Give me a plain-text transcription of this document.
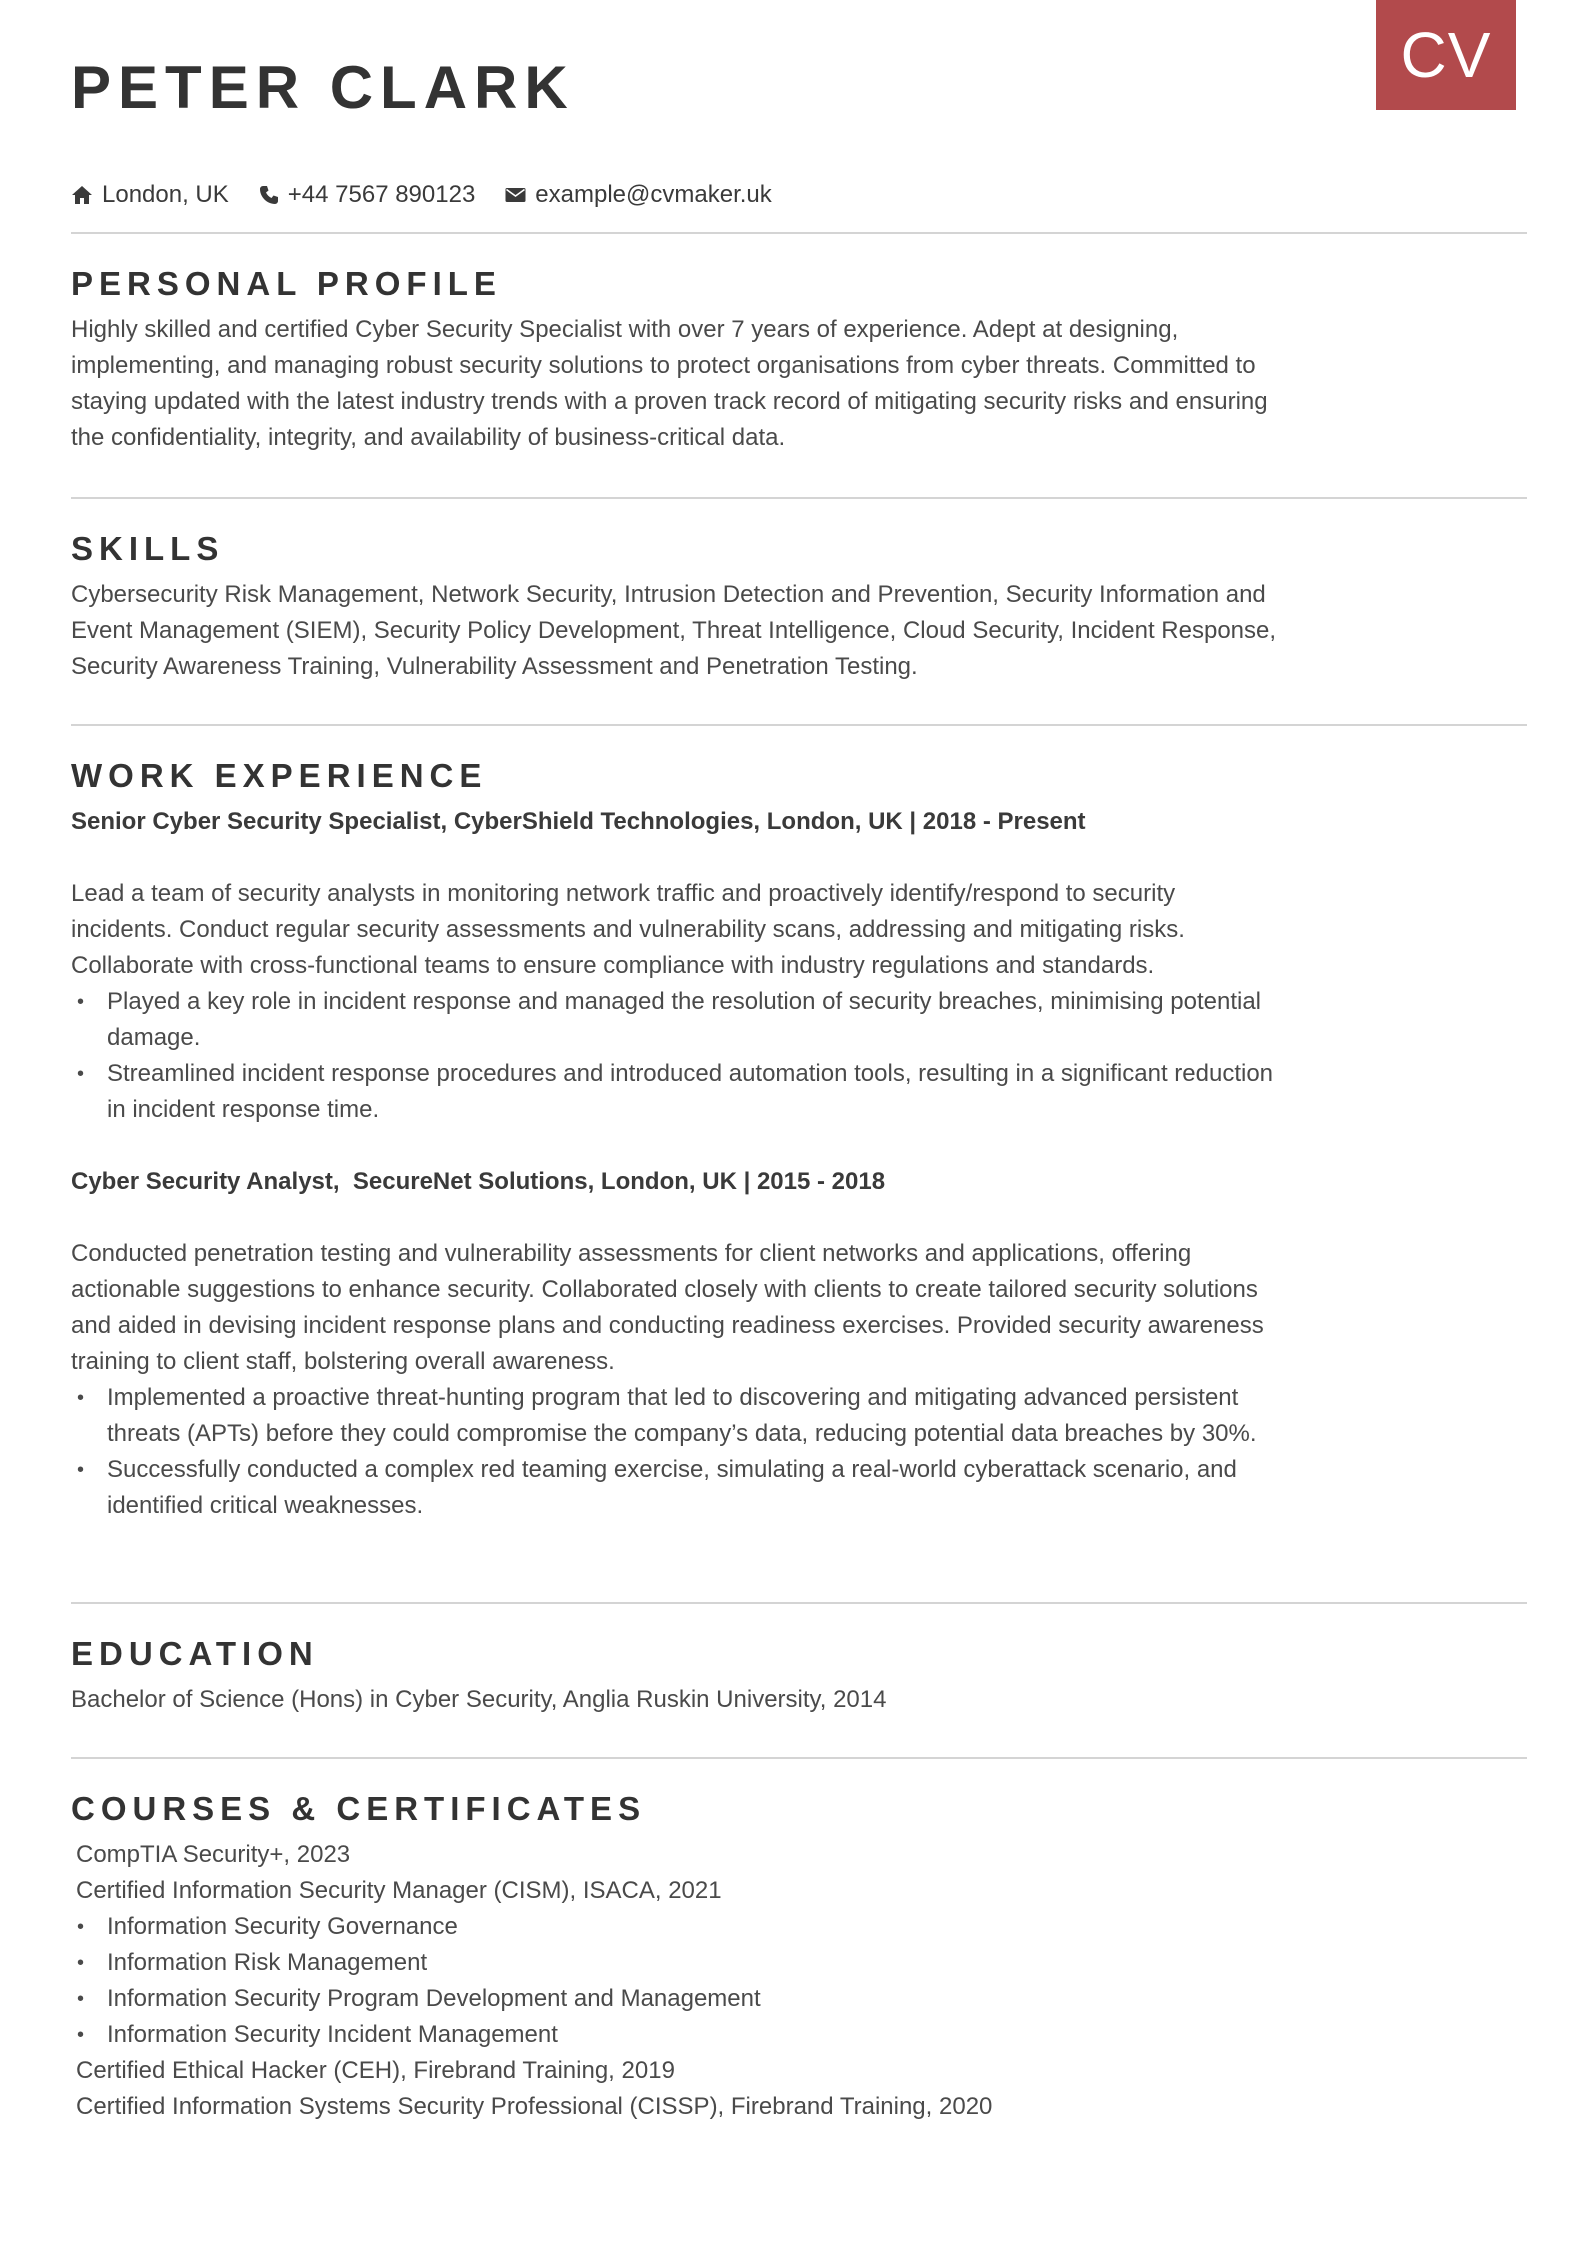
CV
PETER CLARK
London, UK +44 7567 890123	example@cvmaker.uk
PERSONAL PROFILE

Highly skilled and certified Cyber Security Specialist with over 7 years of experience. Adept at designing, implementing, and managing robust security solutions to protect organisations from cyber threats. Committed to staying updated with the latest industry trends with a proven track record of mitigating security risks and ensuring the confidentiality, integrity, and availability of business-critical data.

SKILLS

Cybersecurity Risk Management, Network Security, Intrusion Detection and Prevention, Security Information and Event Management (SIEM), Security Policy Development, Threat Intelligence, Cloud Security, Incident Response, Security Awareness Training, Vulnerability Assessment and Penetration Testing.

WORK EXPERIENCE

Senior Cyber Security Specialist, CyberShield Technologies, London, UK | 2018 - Present

Lead a team of security analysts in monitoring network traffic and proactively identify/respond to security incidents. Conduct regular security assessments and vulnerability scans, addressing and mitigating risks. Collaborate with cross-functional teams to ensure compliance with industry regulations and standards.

• Played a key role in incident response and managed the resolution of security breaches, minimising potential damage.
• Streamlined incident response procedures and introduced automation tools, resulting in a significant reduction in incident response time.

Cyber Security Analyst,  SecureNet Solutions, London, UK | 2015 - 2018

Conducted penetration testing and vulnerability assessments for client networks and applications, offering actionable suggestions to enhance security. Collaborated closely with clients to create tailored security solutions and aided in devising incident response plans and conducting readiness exercises. Provided security awareness training to client staff, bolstering overall awareness.

• Implemented a proactive threat-hunting program that led to discovering and mitigating advanced persistent threats (APTs) before they could compromise the company’s data, reducing potential data breaches by 30%.
• Successfully conducted a complex red teaming exercise, simulating a real-world cyberattack scenario, and identified critical weaknesses.
EDUCATION

Bachelor of Science (Hons) in Cyber Security, Anglia Ruskin University, 2014

COURSES & CERTIFICATES

CompTIA Security+, 2023

Certified Information Security Manager (CISM), ISACA, 2021

• Information Security Governance
• Information Risk Management
• Information Security Program Development and Management
• Information Security Incident Management

Certified Ethical Hacker (CEH), Firebrand Training, 2019

Certified Information Systems Security Professional (CISSP), Firebrand Training, 2020
